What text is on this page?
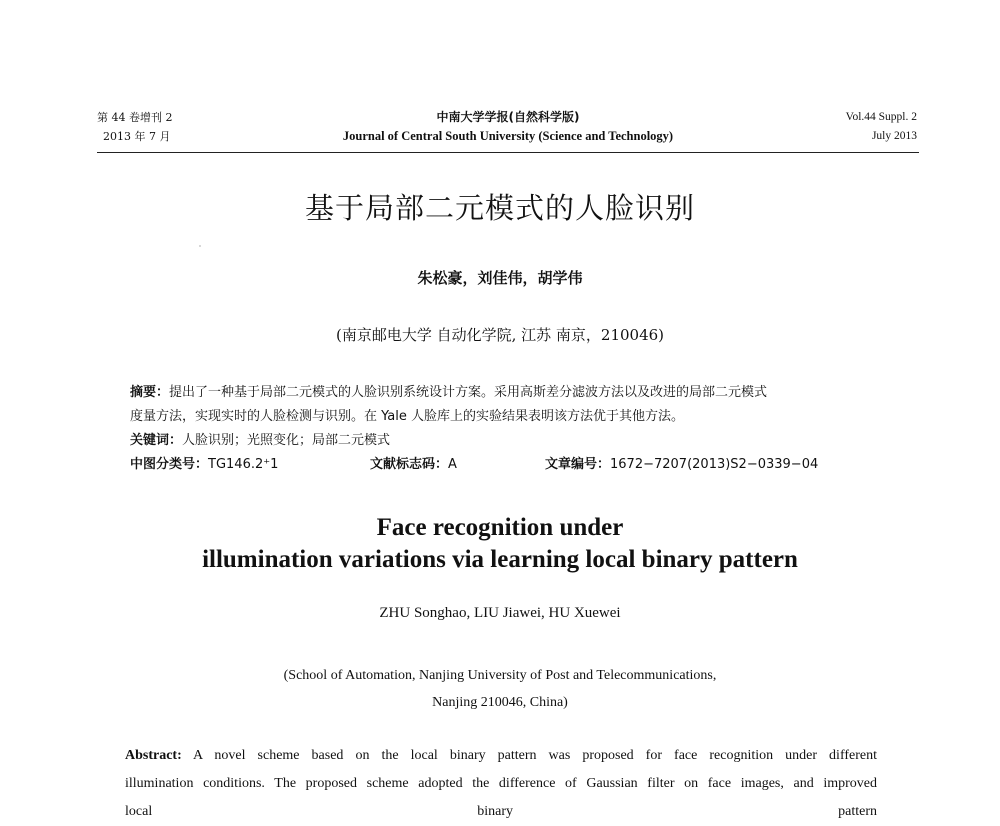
第 44 卷增刊 2
2013 年 7 月
中南大学学报(自然科学版)
Journal of Central South University (Science and Technology)
Vol.44 Suppl. 2
July 2013
基于局部二元模式的人脸识别
朱松豪，刘佳伟，胡学伟
(南京邮电大学 自动化学院, 江苏 南京，210046)
摘要：提出了一种基于局部二元模式的人脸识别系统设计方案。采用高斯差分滤波方法以及改进的局部二元模式
度量方法，实现实时的人脸检测与识别。在 Yale 人脸库上的实验结果表明该方法优于其他方法。
关键词：人脸识别；光照变化；局部二元模式
中图分类号：TG146.2⁺1	文献标志码：A	文章编号：1672−7207(2013)S2−0339−04
Face recognition under
illumination variations via learning local binary pattern
ZHU Songhao, LIU Jiawei, HU Xuewei
(School of Automation, Nanjing University of Post and Telecommunications,
Nanjing 210046, China)
Abstract: A novel scheme based on the local binary pattern was proposed for face recognition under different
illumination conditions. The proposed scheme adopted the difference of Gaussian filter on face images, and improved
local binary pattern
